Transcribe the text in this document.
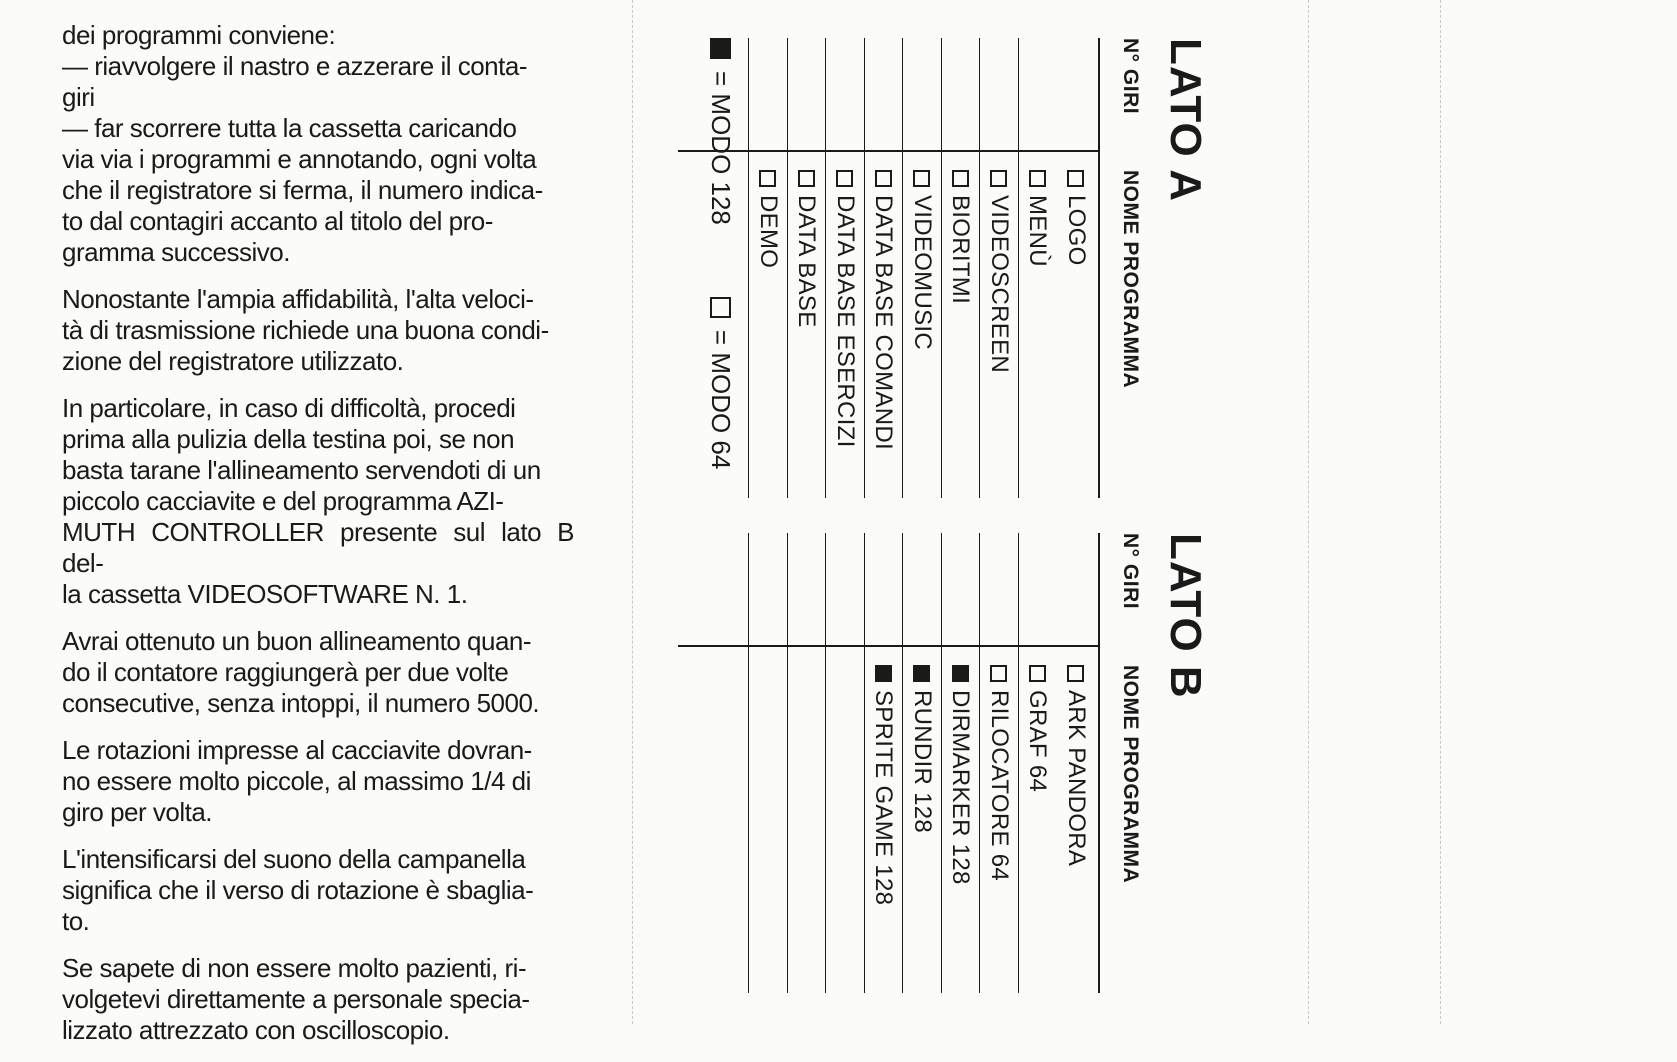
dei programmi conviene:
— riavvolgere il nastro e azzerare il conta-
giri
— far scorrere tutta la cassetta caricando
via via i programmi e annotando, ogni volta
che il registratore si ferma, il numero indica-
to dal contagiri accanto al titolo del pro-
gramma successivo.

Nonostante l'ampia affidabilità, l'alta veloci-
tà di trasmissione richiede una buona condi-
zione del registratore utilizzato.

In particolare, in caso di difficoltà, procedi
prima alla pulizia della testina poi, se non
basta tarane l'allineamento servendoti di un
piccolo cacciavite e del programma AZI-
MUTH CONTROLLER presente sul lato B del-
la cassetta VIDEOSOFTWARE N. 1.

Avrai ottenuto un buon allineamento quan-
do il contatore raggiungerà per due volte
consecutive, senza intoppi, il numero 5000.

Le rotazioni impresse al cacciavite dovran-
no essere molto piccole, al massimo 1/4 di
giro per volta.

L'intensificarsi del suono della campanella
significa che il verso di rotazione è sbaglia-
to.

Se sapete di non essere molto pazienti, ri-
volgetevi direttamente a personale specia-
lizzato attrezzato con oscilloscopio.

LATO A
N° GIRI
NOME PROGRAMMA
LOGO
MENÙ
VIDEOSCREEN
BIORITMI
VIDEOMUSIC
DATA BASE COMANDI
DATA BASE ESERCIZI
DATA BASE
DEMO
LATO B
N° GIRI
NOME PROGRAMMA
ARK PANDORA
GRAF 64
RILOCATORE 64
DIRMARKER 128
RUNDIR 128
SPRITE GAME 128
= MODO 128
= MODO 64
